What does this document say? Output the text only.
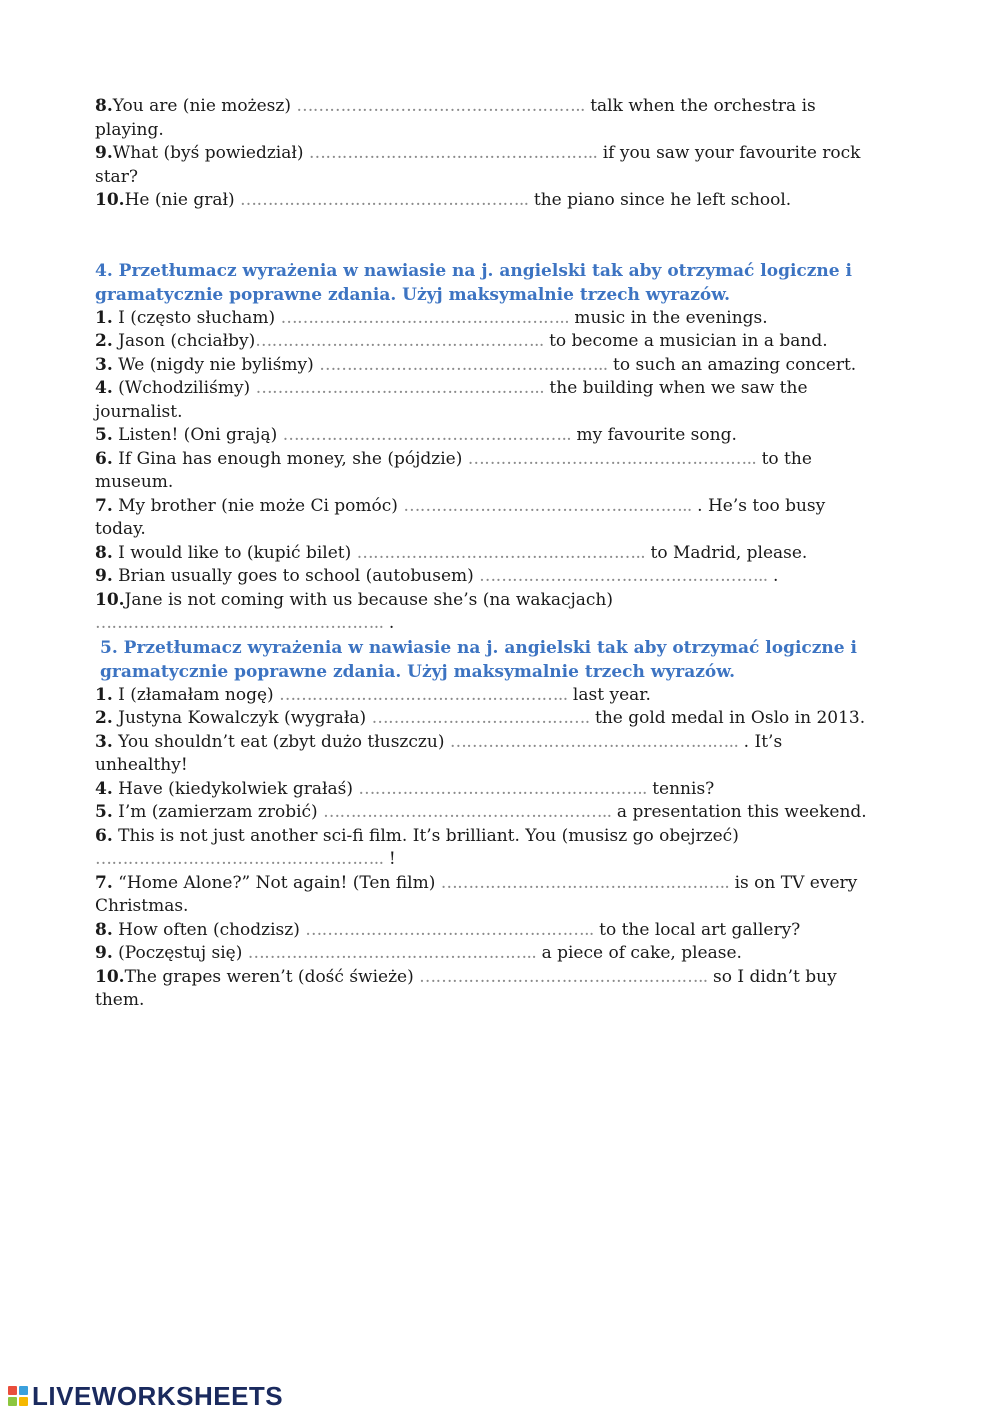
8.You are (nie możesz) …………………………………………….. talk when the orchestra is playing.

9.What (byś powiedział) …………………………………………….. if you saw your favourite rock star?

10.He (nie grał) …………………………………………….. the piano since he left school.

4. Przetłumacz wyrażenia w nawiasie na j. angielski tak aby otrzymać logiczne i gramatycznie poprawne zdania. Użyj maksymalnie trzech wyrazów.

1. I (często słucham) …………………………………………….. music in the evenings.

2. Jason (chciałby)…………………………………………….. to become a musician in a band.

3. We (nigdy nie byliśmy) …………………………………………….. to such an amazing concert.

4. (Wchodziliśmy) …………………………………………….. the building when we saw the journalist.

5. Listen! (Oni grają) …………………………………………….. my favourite song.

6. If Gina has enough money, she (pójdzie) …………………………………………….. to the museum.

7. My brother (nie może Ci pomóc) …………………………………………….. . He’s too busy today.

8. I would like to (kupić bilet) …………………………………………….. to Madrid, please.

9. Brian usually goes to school (autobusem) …………………………………………….. .

10.Jane is not coming with us because she’s (na wakacjach) …………………………………………….. .

5. Przetłumacz wyrażenia w nawiasie na j. angielski tak aby otrzymać logiczne i gramatycznie poprawne zdania. Użyj maksymalnie trzech wyrazów.

1. I (złamałam nogę) …………………………………………….. last year.

2. Justyna Kowalczyk (wygrała) …………………………………. the gold medal in Oslo in 2013.

3. You shouldn’t eat (zbyt dużo tłuszczu) …………………………………………….. . It’s unhealthy!

4. Have (kiedykolwiek grałaś) …………………………………………….. tennis?

5. I’m (zamierzam zrobić) …………………………………………….. a presentation this weekend.

6. This is not just another sci-fi film. It’s brilliant. You (musisz go obejrzeć) …………………………………………….. !

7. “Home Alone?” Not again! (Ten film) …………………………………………….. is on TV every Christmas.

8. How often (chodzisz) …………………………………………….. to the local art gallery?

9. (Poczęstuj się) …………………………………………….. a piece of cake, please.

10.The grapes weren’t (dość świeże) …………………………………………….. so I didn’t buy them.

LIVEWORKSHEETS
